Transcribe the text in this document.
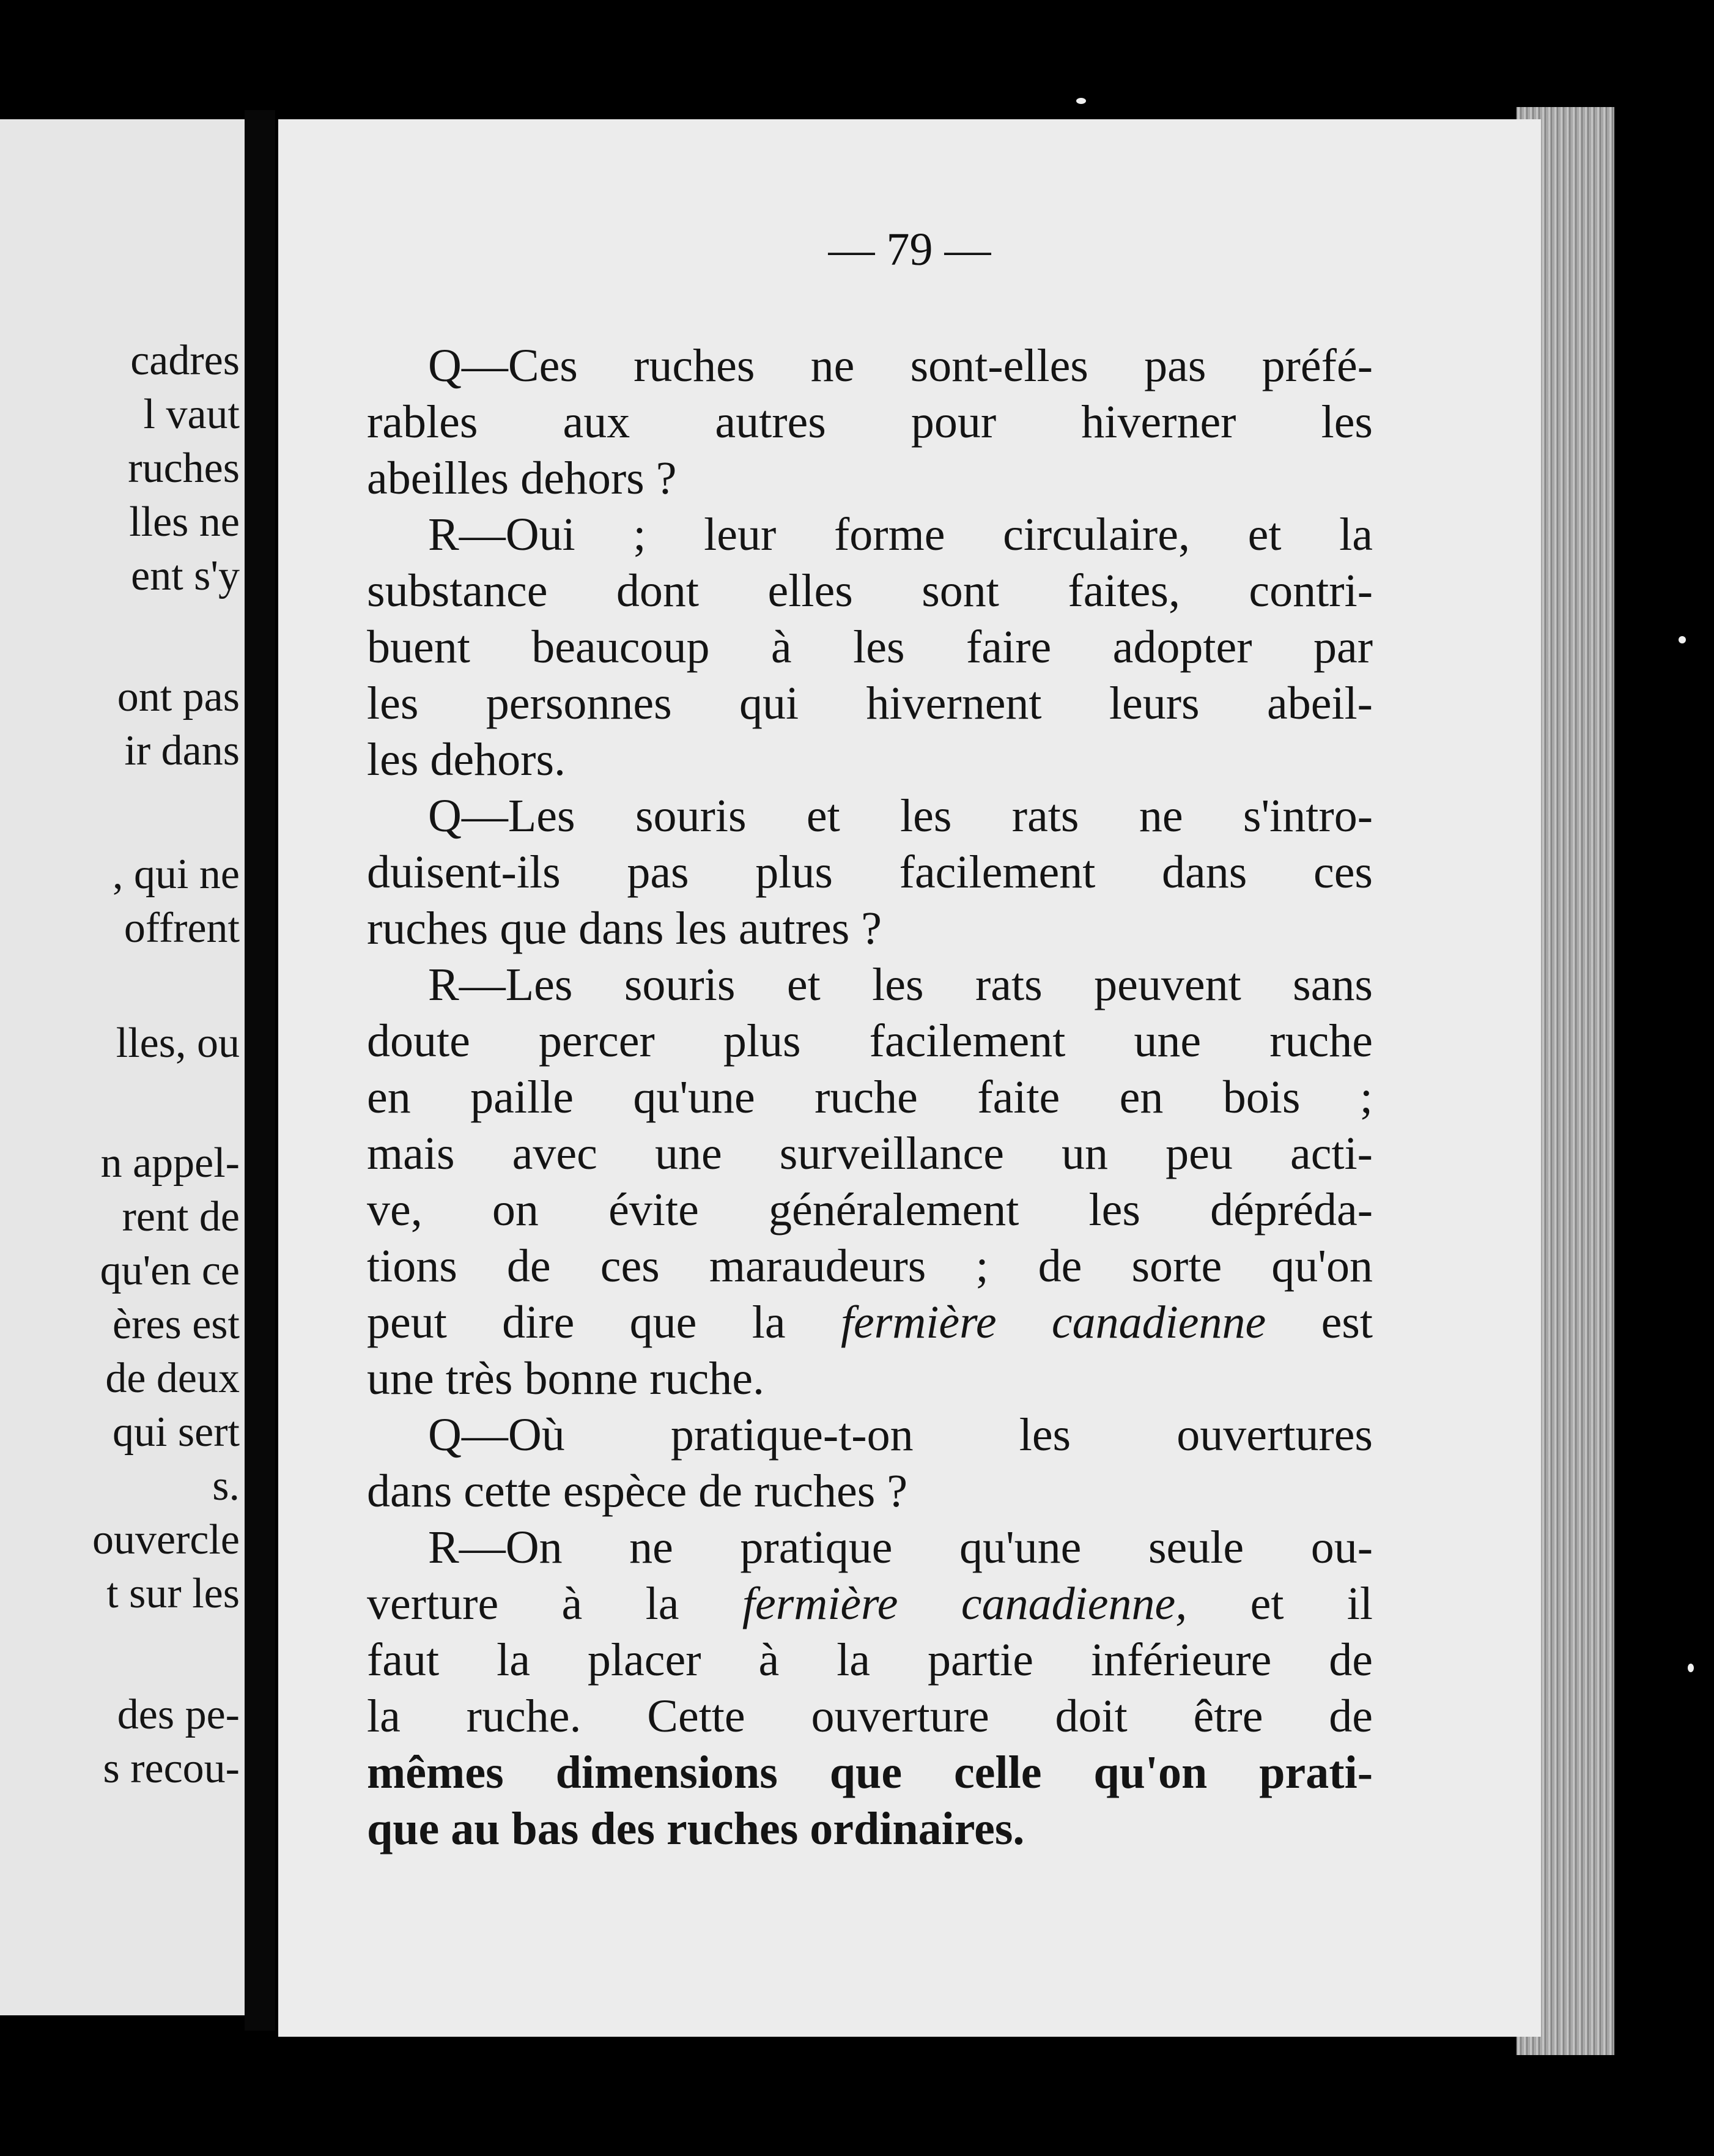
cadres
l vaut
ruches
lles ne
ent s'y
ont pas
ir dans
, qui ne
offrent
lles, ou
n appel-
rent de
qu'en ce
ères est
de deux
qui sert
s.
ouvercle
t sur les
des pe-
s recou-
— 79 —
Q—Ces ruches ne sont-elles pas préfé-
rables aux autres pour hiverner les
abeilles dehors ?
R—Oui ; leur forme circulaire, et la
substance dont elles sont faites, contri-
buent beaucoup à les faire adopter par
les personnes qui hivernent leurs abeil-
les dehors.
Q—Les souris et les rats ne s'intro-
duisent-ils pas plus facilement dans ces
ruches que dans les autres ?
R—Les souris et les rats peuvent sans
doute percer plus facilement une ruche
en paille qu'une ruche faite en bois ;
mais avec une surveillance un peu acti-
ve, on évite généralement les dépréda-
tions de ces maraudeurs ; de sorte qu'on
peut dire que la fermière canadienne est
une très bonne ruche.
Q—Où pratique-t-on les ouvertures
dans cette espèce de ruches ?
R—On ne pratique qu'une seule ou-
verture à la fermière canadienne, et il
faut la placer à la partie inférieure de
la ruche. Cette ouverture doit être de
mêmes dimensions que celle qu'on prati-
que au bas des ruches ordinaires.
